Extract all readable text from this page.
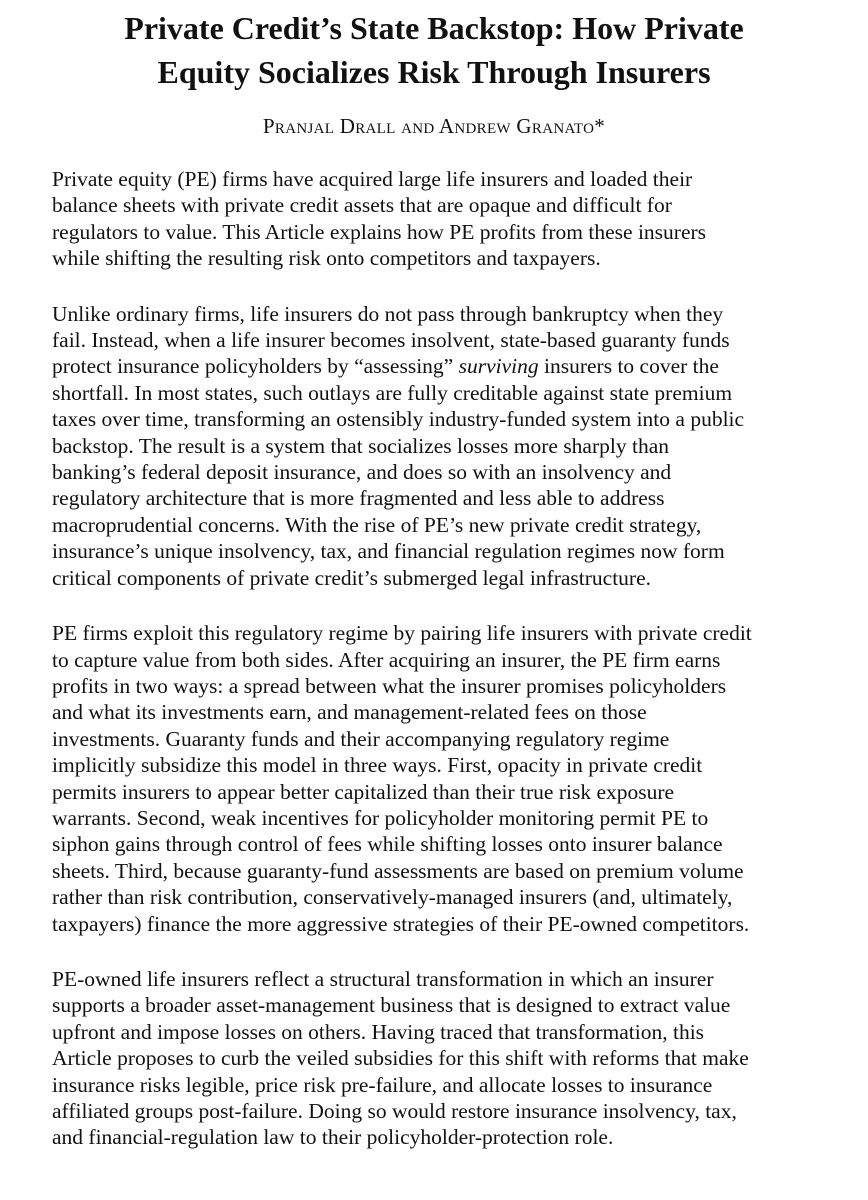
Private Credit’s State Backstop: How Private
Equity Socializes Risk Through Insurers
Pranjal Drall and Andrew Granato*

Private equity (PE) firms have acquired large life insurers and loaded their
balance sheets with private credit assets that are opaque and difficult for
regulators to value. This Article explains how PE profits from these insurers
while shifting the resulting risk onto competitors and taxpayers.

Unlike ordinary firms, life insurers do not pass through bankruptcy when they
fail. Instead, when a life insurer becomes insolvent, state-based guaranty funds
protect insurance policyholders by “assessing” surviving insurers to cover the
shortfall. In most states, such outlays are fully creditable against state premium
taxes over time, transforming an ostensibly industry-funded system into a public
backstop. The result is a system that socializes losses more sharply than
banking’s federal deposit insurance, and does so with an insolvency and
regulatory architecture that is more fragmented and less able to address
macroprudential concerns. With the rise of PE’s new private credit strategy,
insurance’s unique insolvency, tax, and financial regulation regimes now form
critical components of private credit’s submerged legal infrastructure.

PE firms exploit this regulatory regime by pairing life insurers with private credit
to capture value from both sides. After acquiring an insurer, the PE firm earns
profits in two ways: a spread between what the insurer promises policyholders
and what its investments earn, and management-related fees on those
investments. Guaranty funds and their accompanying regulatory regime
implicitly subsidize this model in three ways. First, opacity in private credit
permits insurers to appear better capitalized than their true risk exposure
warrants. Second, weak incentives for policyholder monitoring permit PE to
siphon gains through control of fees while shifting losses onto insurer balance
sheets. Third, because guaranty-fund assessments are based on premium volume
rather than risk contribution, conservatively-managed insurers (and, ultimately,
taxpayers) finance the more aggressive strategies of their PE-owned competitors.

PE-owned life insurers reflect a structural transformation in which an insurer
supports a broader asset-management business that is designed to extract value
upfront and impose losses on others. Having traced that transformation, this
Article proposes to curb the veiled subsidies for this shift with reforms that make
insurance risks legible, price risk pre-failure, and allocate losses to insurance
affiliated groups post-failure. Doing so would restore insurance insolvency, tax,
and financial-regulation law to their policyholder-protection role.
